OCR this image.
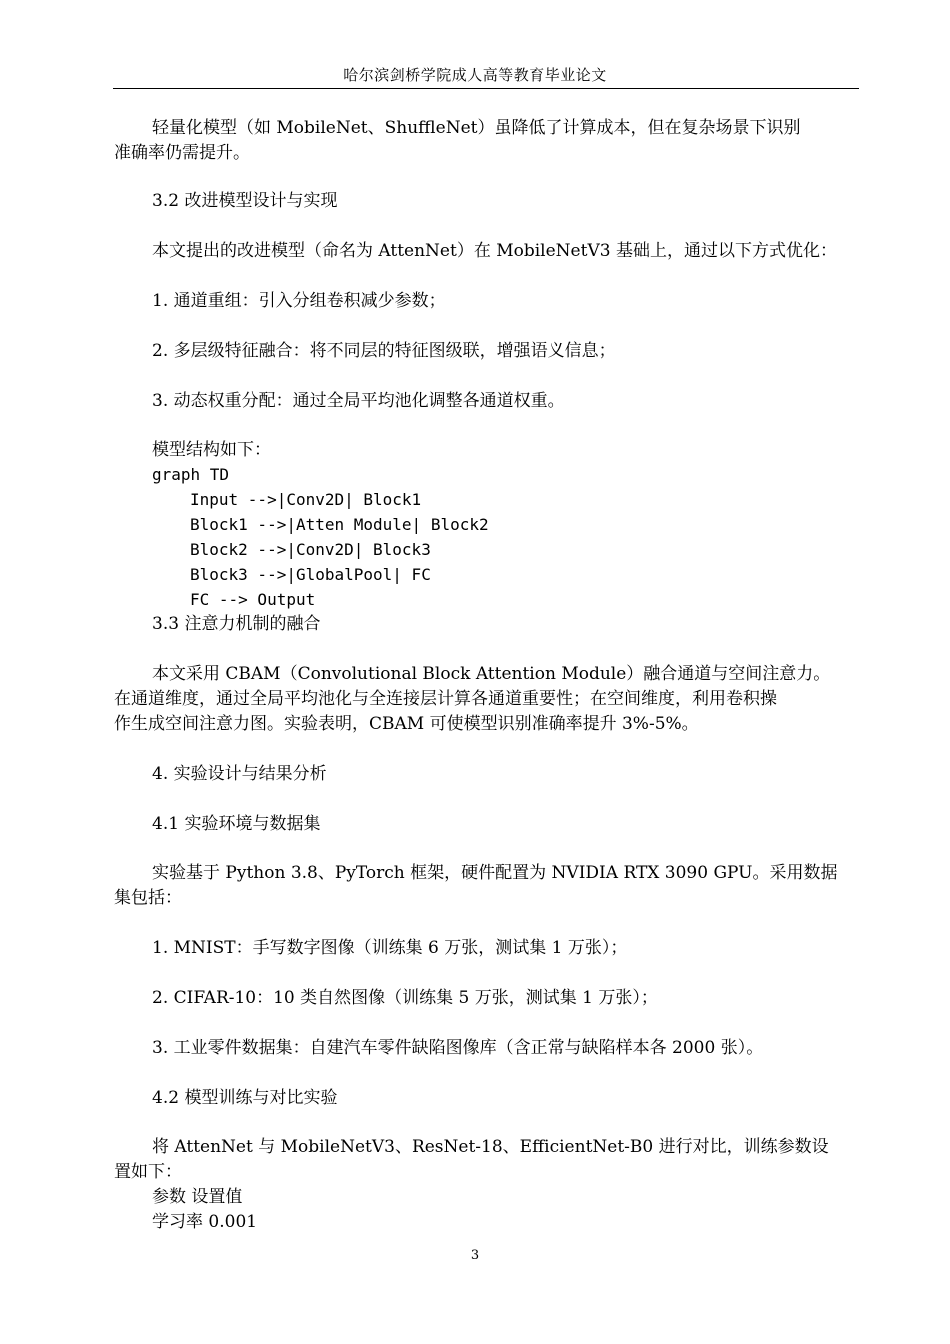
哈尔滨剑桥学院成人高等教育毕业论文
轻量化模型（如 MobileNet、ShuffleNet）虽降低了计算成本，但在复杂场景下识别
准确率仍需提升。
3.2 改进模型设计与实现
本文提出的改进模型（命名为 AttenNet）在 MobileNetV3 基础上，通过以下方式优化：
1. 通道重组：引入分组卷积减少参数；
2. 多层级特征融合：将不同层的特征图级联，增强语义信息；
3. 动态权重分配：通过全局平均池化调整各通道权重。
模型结构如下：
graph TD
Input -->|Conv2D| Block1
Block1 -->|Atten Module| Block2
Block2 -->|Conv2D| Block3
Block3 -->|GlobalPool| FC
FC --> Output
3.3 注意力机制的融合
本文采用 CBAM（Convolutional Block Attention Module）融合通道与空间注意力。
在通道维度，通过全局平均池化与全连接层计算各通道重要性；在空间维度，利用卷积操
作生成空间注意力图。实验表明，CBAM 可使模型识别准确率提升 3%-5%。
4. 实验设计与结果分析
4.1 实验环境与数据集
实验基于 Python 3.8、PyTorch 框架，硬件配置为 NVIDIA RTX 3090 GPU。采用数据
集包括：
1. MNIST：手写数字图像（训练集 6 万张，测试集 1 万张）；
2. CIFAR-10：10 类自然图像（训练集 5 万张，测试集 1 万张）；
3. 工业零件数据集：自建汽车零件缺陷图像库（含正常与缺陷样本各 2000 张）。
4.2 模型训练与对比实验
将 AttenNet 与 MobileNetV3、ResNet-18、EfficientNet-B0 进行对比，训练参数设
置如下：
参数 设置值
学习率 0.001
3
